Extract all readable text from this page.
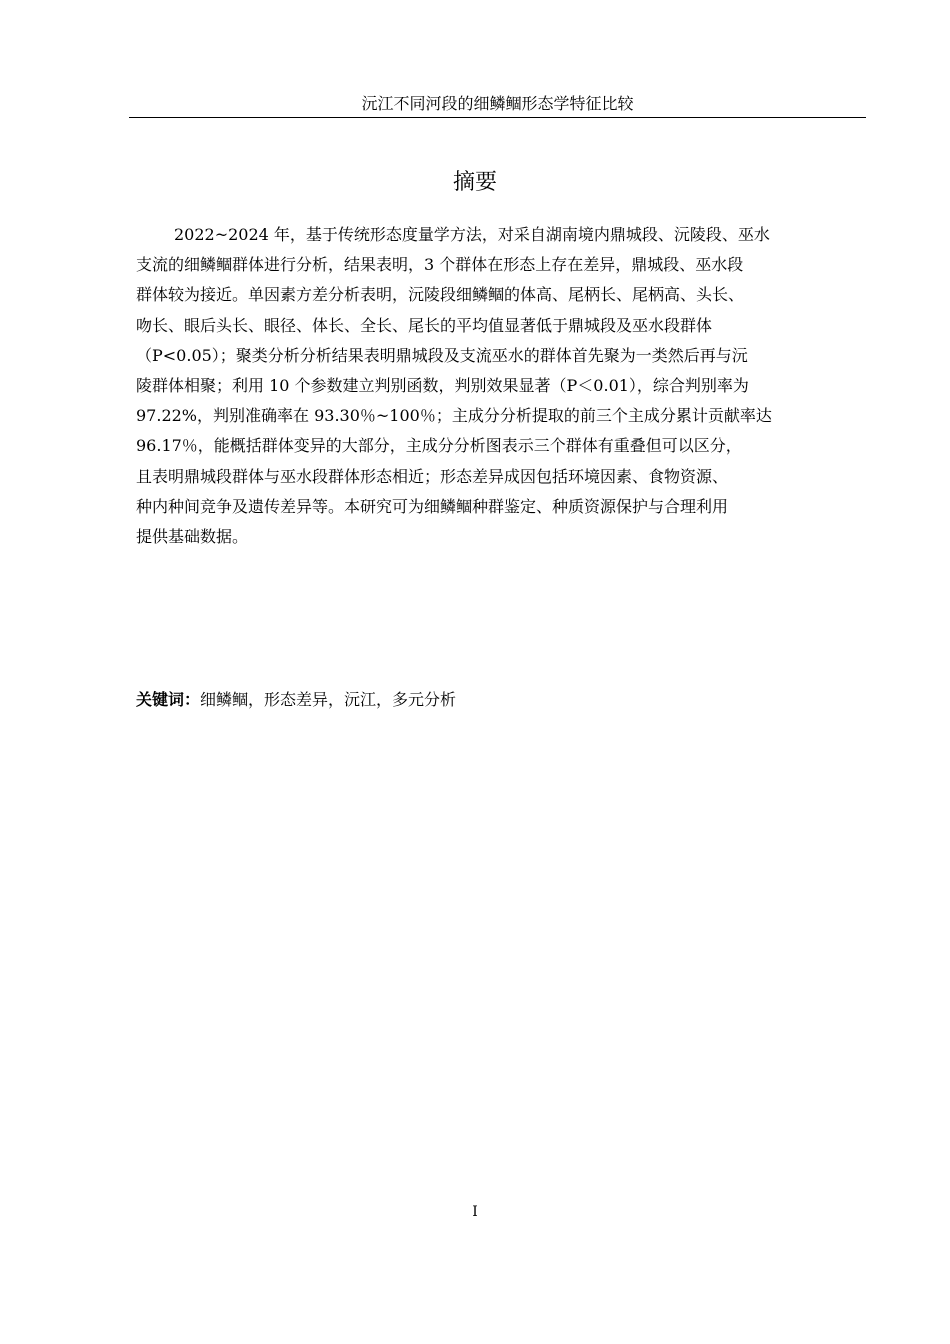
沅江不同河段的细鳞鲴形态学特征比较
摘要
2022~2024 年，基于传统形态度量学方法，对采自湖南境内鼎城段、沅陵段、巫水
支流的细鳞鲴群体进行分析，结果表明，3 个群体在形态上存在差异，鼎城段、巫水段
群体较为接近。单因素方差分析表明，沅陵段细鳞鲴的体高、尾柄长、尾柄高、头长、
吻长、眼后头长、眼径、体长、全长、尾长的平均值显著低于鼎城段及巫水段群体
（P<0.05）；聚类分析分析结果表明鼎城段及支流巫水的群体首先聚为一类然后再与沅
陵群体相聚；利用 10 个参数建立判别函数，判别效果显著（P＜0.01），综合判别率为
97.22%，判别准确率在 93.30％~100％；主成分分析提取的前三个主成分累计贡献率达
96.17％，能概括群体变异的大部分，主成分分析图表示三个群体有重叠但可以区分，
且表明鼎城段群体与巫水段群体形态相近；形态差异成因包括环境因素、食物资源、
种内种间竞争及遗传差异等。本研究可为细鳞鲴种群鉴定、种质资源保护与合理利用
提供基础数据。
关键词：细鳞鲴，形态差异，沅江，多元分析
I
